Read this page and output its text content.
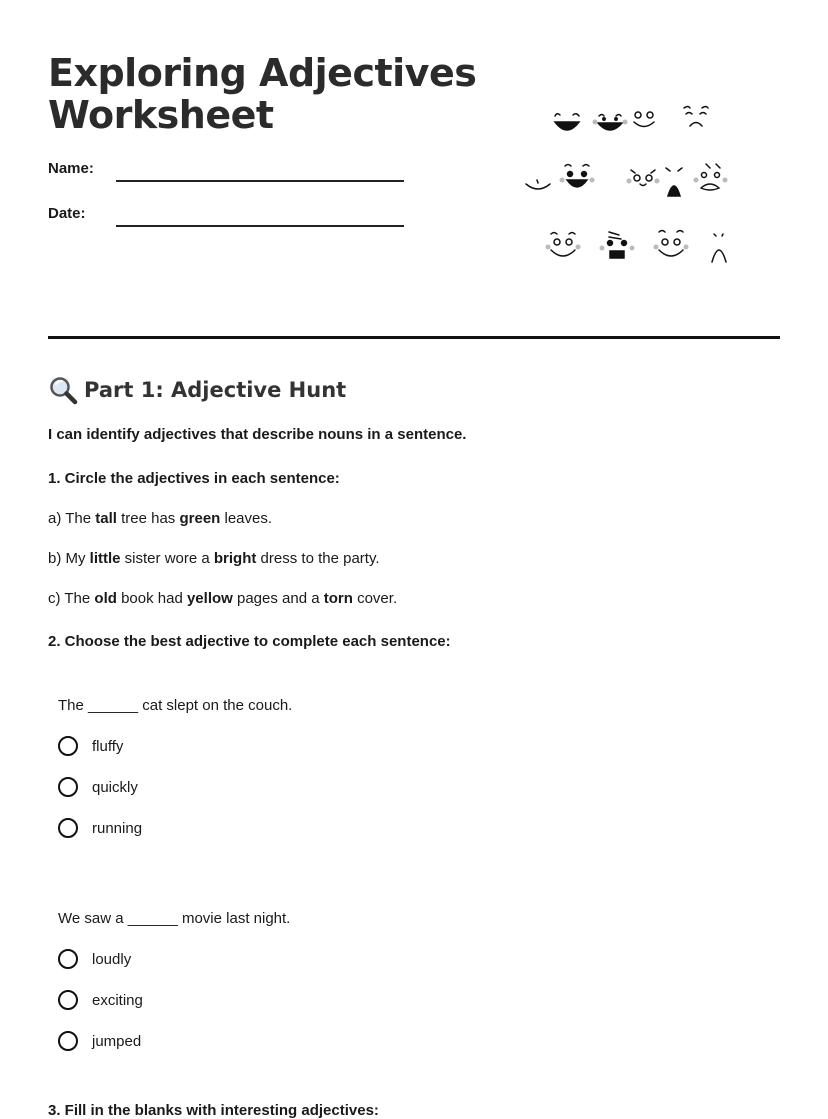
Exploring Adjectives Worksheet
Name:
Date:
Part 1: Adjective Hunt
I can identify adjectives that describe nouns in a sentence.
1. Circle the adjectives in each sentence:
a) The tall tree has green leaves.
b) My little sister wore a bright dress to the party.
c) The old book had yellow pages and a torn cover.
2. Choose the best adjective to complete each sentence:
The ______ cat slept on the couch.
fluffy
quickly
running
We saw a ______ movie last night.
loudly
exciting
jumped
3. Fill in the blanks with interesting adjectives:
